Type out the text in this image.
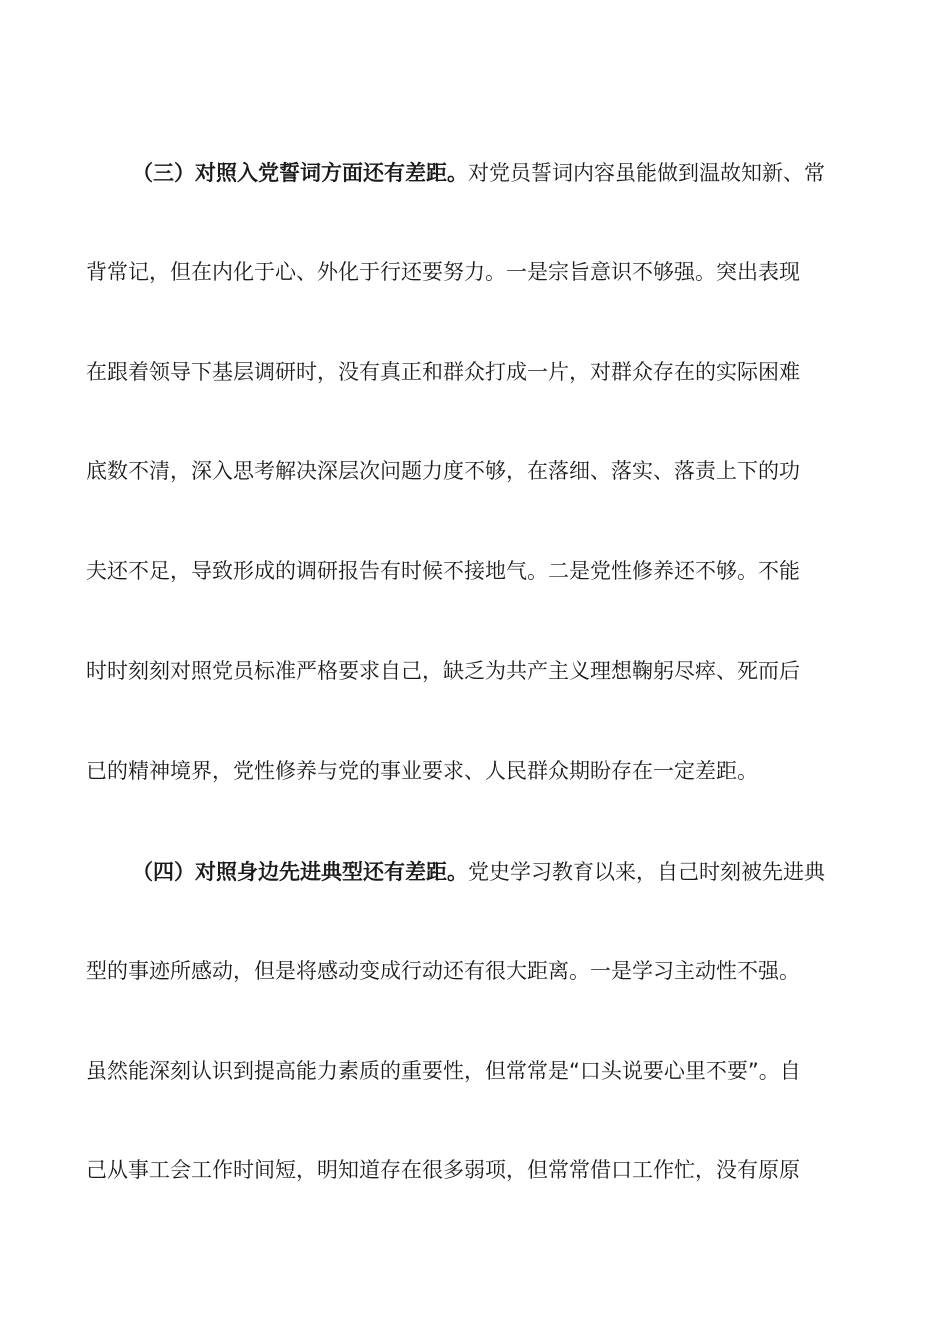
（三）对照入党誓词方面还有差距。对党员誓词内容虽能做到温故知新、常
背常记，但在内化于心、外化于行还要努力。一是宗旨意识不够强。突出表现
在跟着领导下基层调研时，没有真正和群众打成一片，对群众存在的实际困难
底数不清，深入思考解决深层次问题力度不够，在落细、落实、落责上下的功
夫还不足，导致形成的调研报告有时候不接地气。二是党性修养还不够。不能
时时刻刻对照党员标准严格要求自己，缺乏为共产主义理想鞠躬尽瘁、死而后
已的精神境界，党性修养与党的事业要求、人民群众期盼存在一定差距。
（四）对照身边先进典型还有差距。党史学习教育以来，自己时刻被先进典
型的事迹所感动，但是将感动变成行动还有很大距离。一是学习主动性不强。
虽然能深刻认识到提高能力素质的重要性，但常常是“口头说要心里不要”。自
己从事工会工作时间短，明知道存在很多弱项，但常常借口工作忙，没有原原
